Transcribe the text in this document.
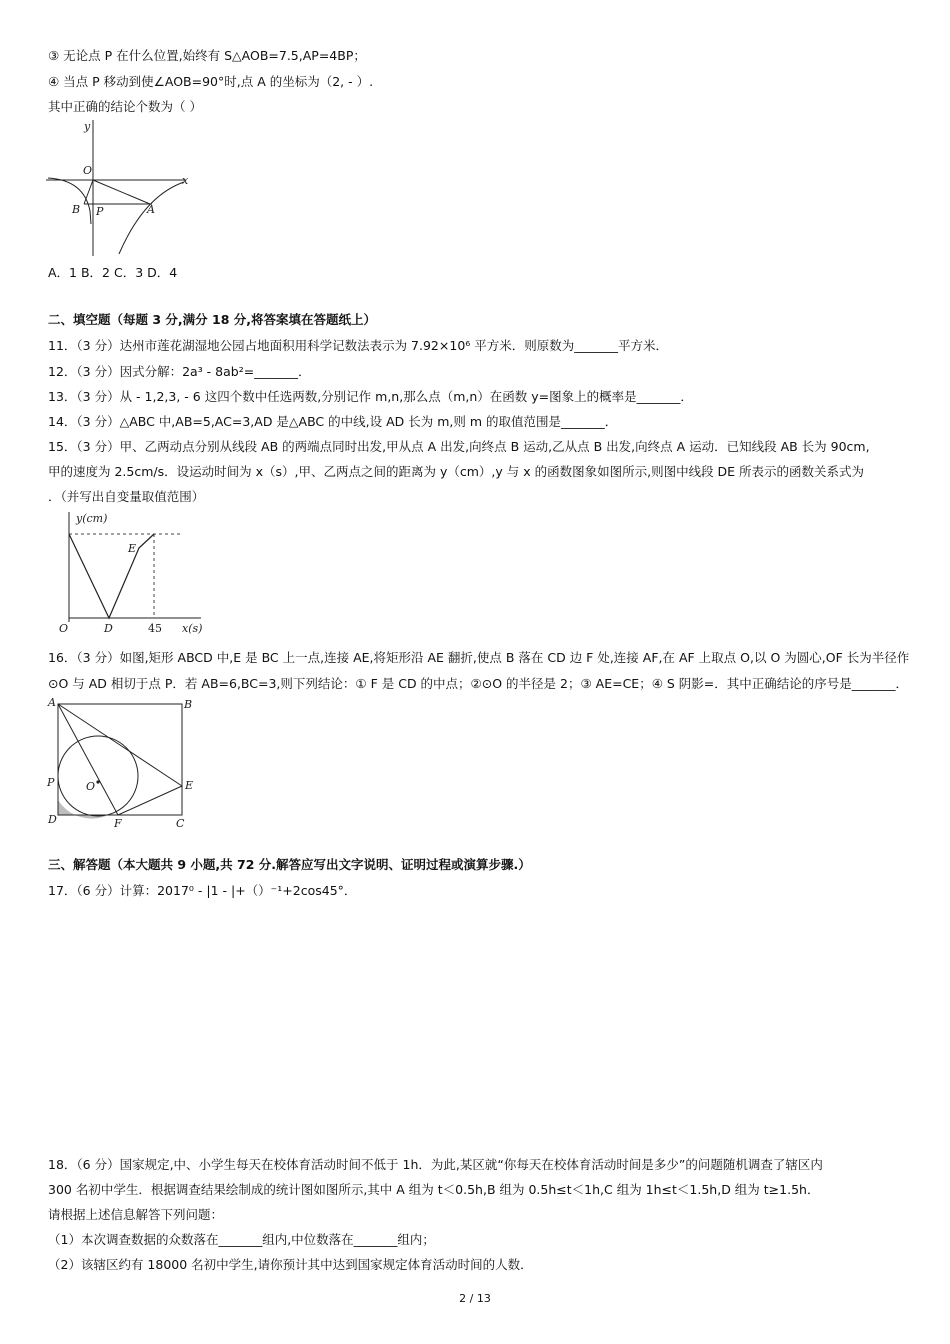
③ 无论点 P 在什么位置,始终有 S△AOB=7.5,AP=4BP；
④ 当点 P 移动到使∠AOB=90°时,点 A 的坐标为（2, - ）.
其中正确的结论个数为（ ）
y
x
O
A
B P
A．1 B．2 C．3 D．4
二、填空题（每题 3 分,满分 18 分,将答案填在答题纸上）
11．（3 分）达州市莲花湖湿地公园占地面积用科学记数法表示为 7.92×10⁶ 平方米．则原数为_______平方米．
12．（3 分）因式分解：2a³ - 8ab²=_______．
13．（3 分）从 - 1,2,3, - 6 这四个数中任选两数,分别记作 m,n,那么点（m,n）在函数 y=图象上的概率是_______．
14．（3 分）△ABC 中,AB=5,AC=3,AD 是△ABC 的中线,设 AD 长为 m,则 m 的取值范围是_______．
15．（3 分）甲、乙两动点分别从线段 AB 的两端点同时出发,甲从点 A 出发,向终点 B 运动,乙从点 B 出发,向终点 A 运动．已知线段 AB 长为 90cm,
甲的速度为 2.5cm/s．设运动时间为 x（s）,甲、乙两点之间的距离为 y（cm）,y 与 x 的函数图象如图所示,则图中线段 DE 所表示的函数关系式为
．（并写出自变量取值范围）
y(cm)
x(s)
O	D
E
45
16．（3 分）如图,矩形 ABCD 中,E 是 BC 上一点,连接 AE,将矩形沿 AE 翻折,使点 B 落在 CD 边 F 处,连接 AF,在 AF 上取点 O,以 O 为圆心,OF 长为半径作
⊙O 与 AD 相切于点 P．若 AB=6,BC=3,则下列结论：① F 是 CD 的中点；②⊙O 的半径是 2；③ AE=CE；④ S 阴影=．其中正确结论的序号是_______．
A	B
C
D
E
F
P	O
三、解答题（本大题共 9 小题,共 72 分.解答应写出文字说明、证明过程或演算步骤.）
17．（6 分）计算：2017⁰ - |1 - |+（）⁻¹+2cos45°．
18．（6 分）国家规定,中、小学生每天在校体育活动时间不低于 1h．为此,某区就“你每天在校体育活动时间是多少”的问题随机调查了辖区内
300 名初中学生．根据调查结果绘制成的统计图如图所示,其中 A 组为 t＜0.5h,B 组为 0.5h≤t＜1h,C 组为 1h≤t＜1.5h,D 组为 t≥1.5h．
请根据上述信息解答下列问题：
（1）本次调查数据的众数落在_______组内,中位数落在_______组内；
（2）该辖区约有 18000 名初中学生,请你预计其中达到国家规定体育活动时间的人数．
2 / 13
